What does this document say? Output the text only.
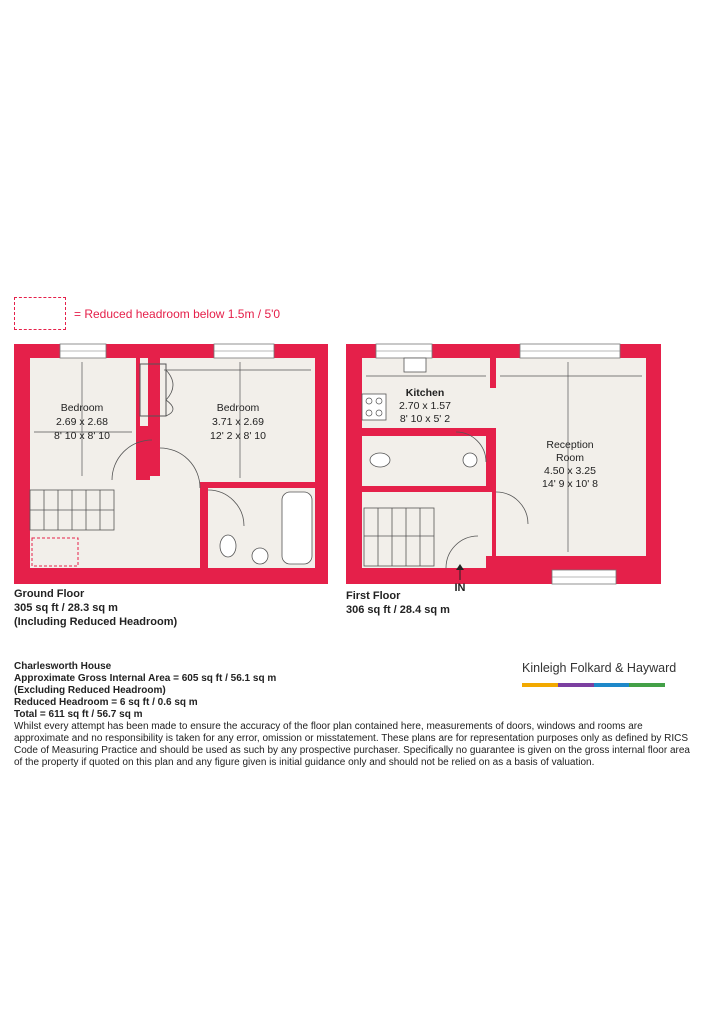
= Reduced headroom below 1.5m / 5'0
Bedroom
2.69 x 2.68
8' 10 x 8' 10
Bedroom
3.71 x 2.69
12' 2 x 8' 10
IN
Kitchen
2.70 x 1.57
8' 10 x 5' 2
Reception
Room
4.50 x 3.25
14' 9 x 10' 8
Ground Floor
305 sq ft / 28.3 sq m
(Including Reduced Headroom)
First Floor
306 sq ft / 28.4 sq m
Charlesworth House
Approximate Gross Internal Area = 605 sq ft / 56.1 sq m
(Excluding Reduced Headroom)
Reduced Headroom = 6 sq ft / 0.6 sq m
Total = 611 sq ft / 56.7 sq m

Whilst every attempt has been made to ensure the accuracy of the floor plan contained here, measurements of doors, windows and rooms are approximate and no responsibility is taken for any error, omission or misstatement. These plans are for representation purposes only as defined by RICS Code of Measuring Practice and should be used as such by any prospective purchaser. Specifically no guarantee is given on the gross internal floor area of the property if quoted on this plan and any figure given is initial guidance only and should not be relied on as a basis of valuation.

Kinleigh Folkard & Hayward
